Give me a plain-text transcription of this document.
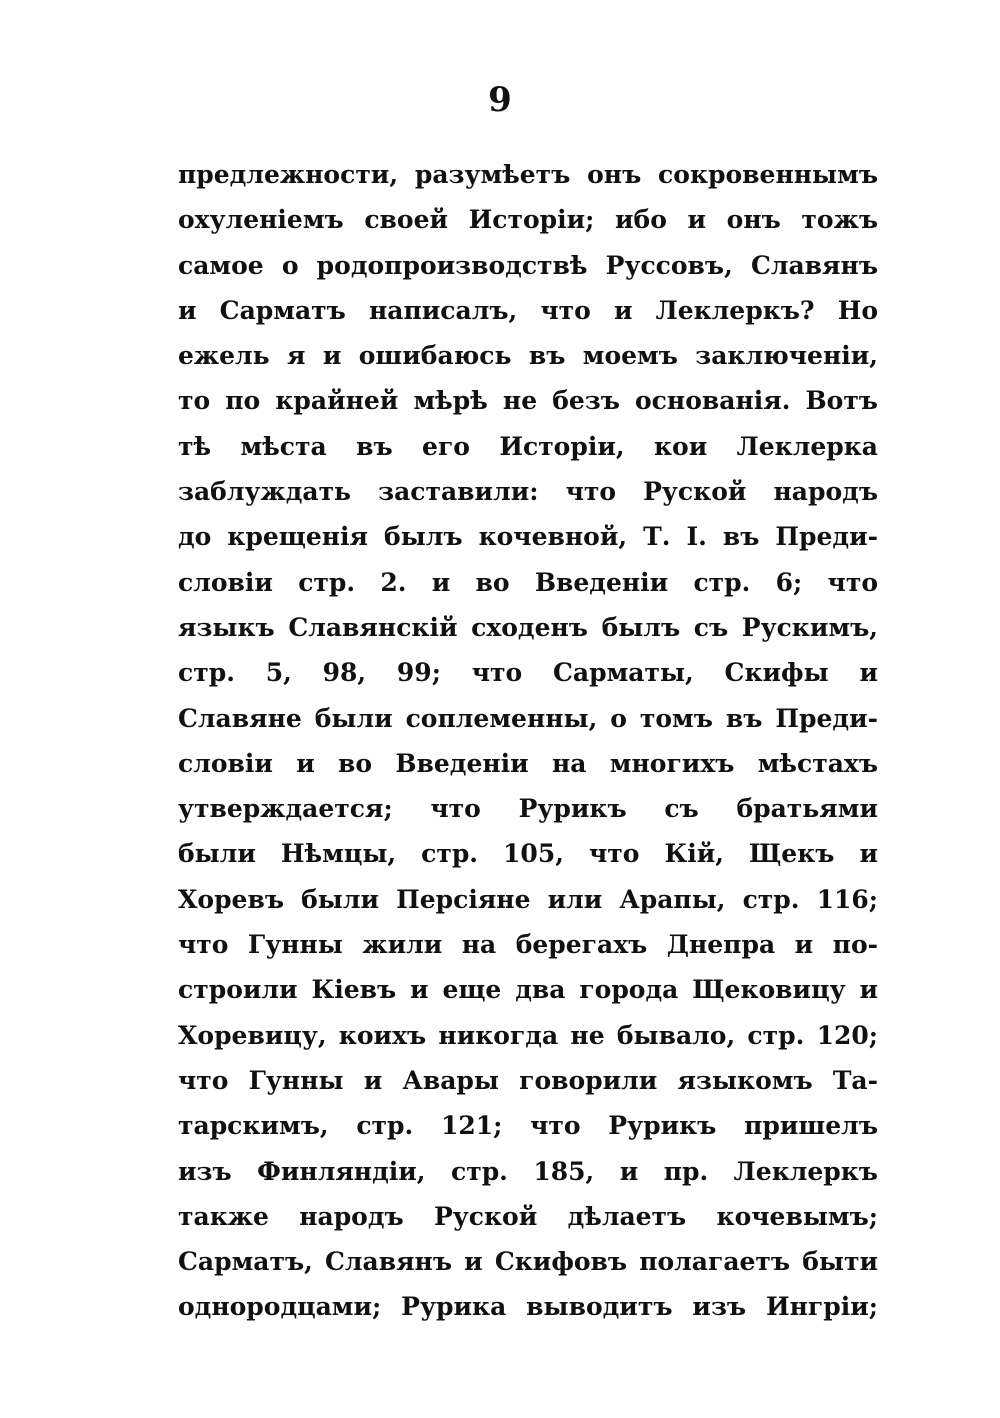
9
предлежности, разумѣетъ онъ сокровеннымъ
охуленіемъ своей Исторіи; ибо и онъ тожъ
самое о родопроизводствѣ Руссовъ, Славянъ
и Сарматъ написалъ, что и Леклеркъ? Но
ежель я и ошибаюсь въ моемъ заключеніи,
то по крайней мѣрѣ не безъ основанія. Вотъ
тѣ мѣста въ его Исторіи, кои Леклерка
заблуждать заставили: что Руской народъ
до крещенія былъ кочевной, Т. I. въ Преди-
словіи стр. 2. и во Введеніи стр. 6; что
языкъ Славянскій сходенъ былъ съ Рускимъ,
стр. 5, 98, 99; что Сарматы, Скифы и
Славяне были соплеменны, о томъ въ Преди-
словіи и во Введеніи на многихъ мѣстахъ
утверждается; что Рурикъ съ братьями
были Нѣмцы, стр. 105, что Кій, Щекъ и
Хоревъ были Персіяне или Арапы, стр. 116;
что Гунны жили на берегахъ Днепра и по-
строили Кіевъ и еще два города Щековицу и
Хоревицу, коихъ никогда не бывало, стр. 120;
что Гунны и Авары говорили языкомъ Та-
тарскимъ, стр. 121; что Рурикъ пришелъ
изъ Финляндіи, стр. 185, и пр. Леклеркъ
также народъ Руской дѣлаетъ кочевымъ;
Сарматъ, Славянъ и Скифовъ полагаетъ быти
однородцами; Рурика выводитъ изъ Ингріи;
